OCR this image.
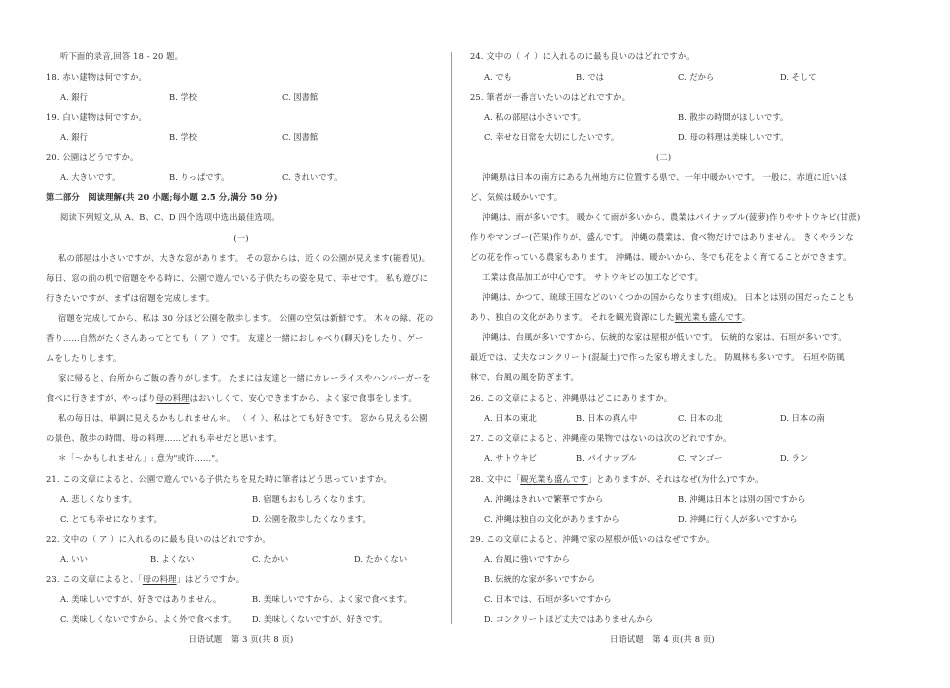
听下面的录音,回答 18 - 20 题。
18. 赤い建物は何ですか。
A. 銀行	B. 学校	C. 図書館
19. 白い建物は何ですか。
A. 銀行	B. 学校	C. 図書館
20. 公園はどうですか。
A. 大きいです。	B. りっぱです。	C. きれいです。
第二部分　阅读理解(共 20 小题;每小题 2.5 分,满分 50 分)
阅读下列短文,从 A、B、C、D 四个选项中选出最佳选项。
(一)
私の部屋は小さいですが、大きな窓があります。 その窓からは、近くの公園が見えます(能看见)。
毎日、窓の前の机で宿題をやる時に、公園で遊んでいる子供たちの姿を見て、幸せです。 私も遊びに
行きたいですが、まずは宿題を完成します。
宿題を完成してから、私は 30 分ほど公園を散歩します。 公園の空気は新鮮です。 木々の緑、花の
香り……自然がたくさんあってとても（ ア ）です。 友達と一緒におしゃべり(聊天)をしたり、ゲー
ムをしたりします。
家に帰ると、台所からご飯の香りがします。 たまには友達と一緒にカレーライスやハンバーガーを
食べに行きますが、やっぱり母の料理はおいしくて、安心できますから、よく家で食事をします。
私の毎日は、単調に見えるかもしれません＊。 （ イ ）、私はとても好きです。 窓から見える公園
の景色、散歩の時間、母の料理……どれも幸せだと思います。
＊「～かもしれません」: 意为"或许……"。
21. この文章によると、公園で遊んでいる子供たちを見た時に筆者はどう思っていますか。
A. 悲しくなります。	B. 宿題もおもしろくなります。
C. とても幸せになります。	D. 公園を散歩したくなります。
22. 文中の（ ア ）に入れるのに最も良いのはどれですか。
A. いい	B. よくない	C. たかい	D. たかくない
23. この文章によると、「母の料理」はどうですか。
A. 美味しいですが、好きではありません。	B. 美味しいですから、よく家で食べます。
C. 美味しくないですから、よく外で食べます。 D. 美味しくないですが、好きです。
日语试题　第 3 页(共 8 页)
24. 文中の（ イ ）に入れるのに最も良いのはどれですか。
A. でも	B. では	C. だから	D. そして
25. 筆者が一番言いたいのはどれですか。
A. 私の部屋は小さいです。	B. 散歩の時間がほしいです。
C. 幸せな日常を大切にしたいです。	D. 母の料理は美味しいです。
(二)
沖縄県は日本の南方にある九州地方に位置する県で、一年中暖かいです。 一般に、赤道に近いほ
ど、気候は暖かいです。
沖縄は、雨が多いです。 暖かくて雨が多いから、農業はパイナップル(菠萝)作りやサトウキビ(甘蔗)
作りやマンゴー(芒果)作りが、盛んです。 沖縄の農業は、食べ物だけではありません。 きくやランな
どの花を作っている農家もあります。 沖縄は、暖かいから、冬でも花をよく育てることができます。
工業は食品加工が中心です。 サトウキビの加工などです。
沖縄は、かつて、琉球王国などのいくつかの国からなります(组成)。 日本とは別の国だったことも
あり、独自の文化があります。 それを観光資源にした観光業も盛んです。
沖縄は、台風が多いですから、伝統的な家は屋根が低いです。 伝統的な家は、石垣が多いです。
最近では、丈夫なコンクリート(混凝土)で作った家も増えました。 防風林も多いです。 石垣や防風
林で、台風の風を防ぎます。
26. この文章によると、沖縄県はどこにありますか。
A. 日本の東北	B. 日本の真ん中	C. 日本の北	D. 日本の南
27. この文章によると、沖縄産の果物ではないのは次のどれですか。
A. サトウキビ	B. パイナップル	C. マンゴー	D. ラン
28. 文中に「観光業も盛んです」とありますが、それはなぜ(为什么)ですか。
A. 沖縄はきれいで繁華ですから	B. 沖縄は日本とは別の国ですから
C. 沖縄は独自の文化がありますから	D. 沖縄に行く人が多いですから
29. この文章によると、沖縄で家の屋根が低いのはなぜですか。
A. 台風に強いですから
B. 伝統的な家が多いですから
C. 日本では、石垣が多いですから
D. コンクリートほど丈夫ではありませんから
日语试题　第 4 页(共 8 页)
